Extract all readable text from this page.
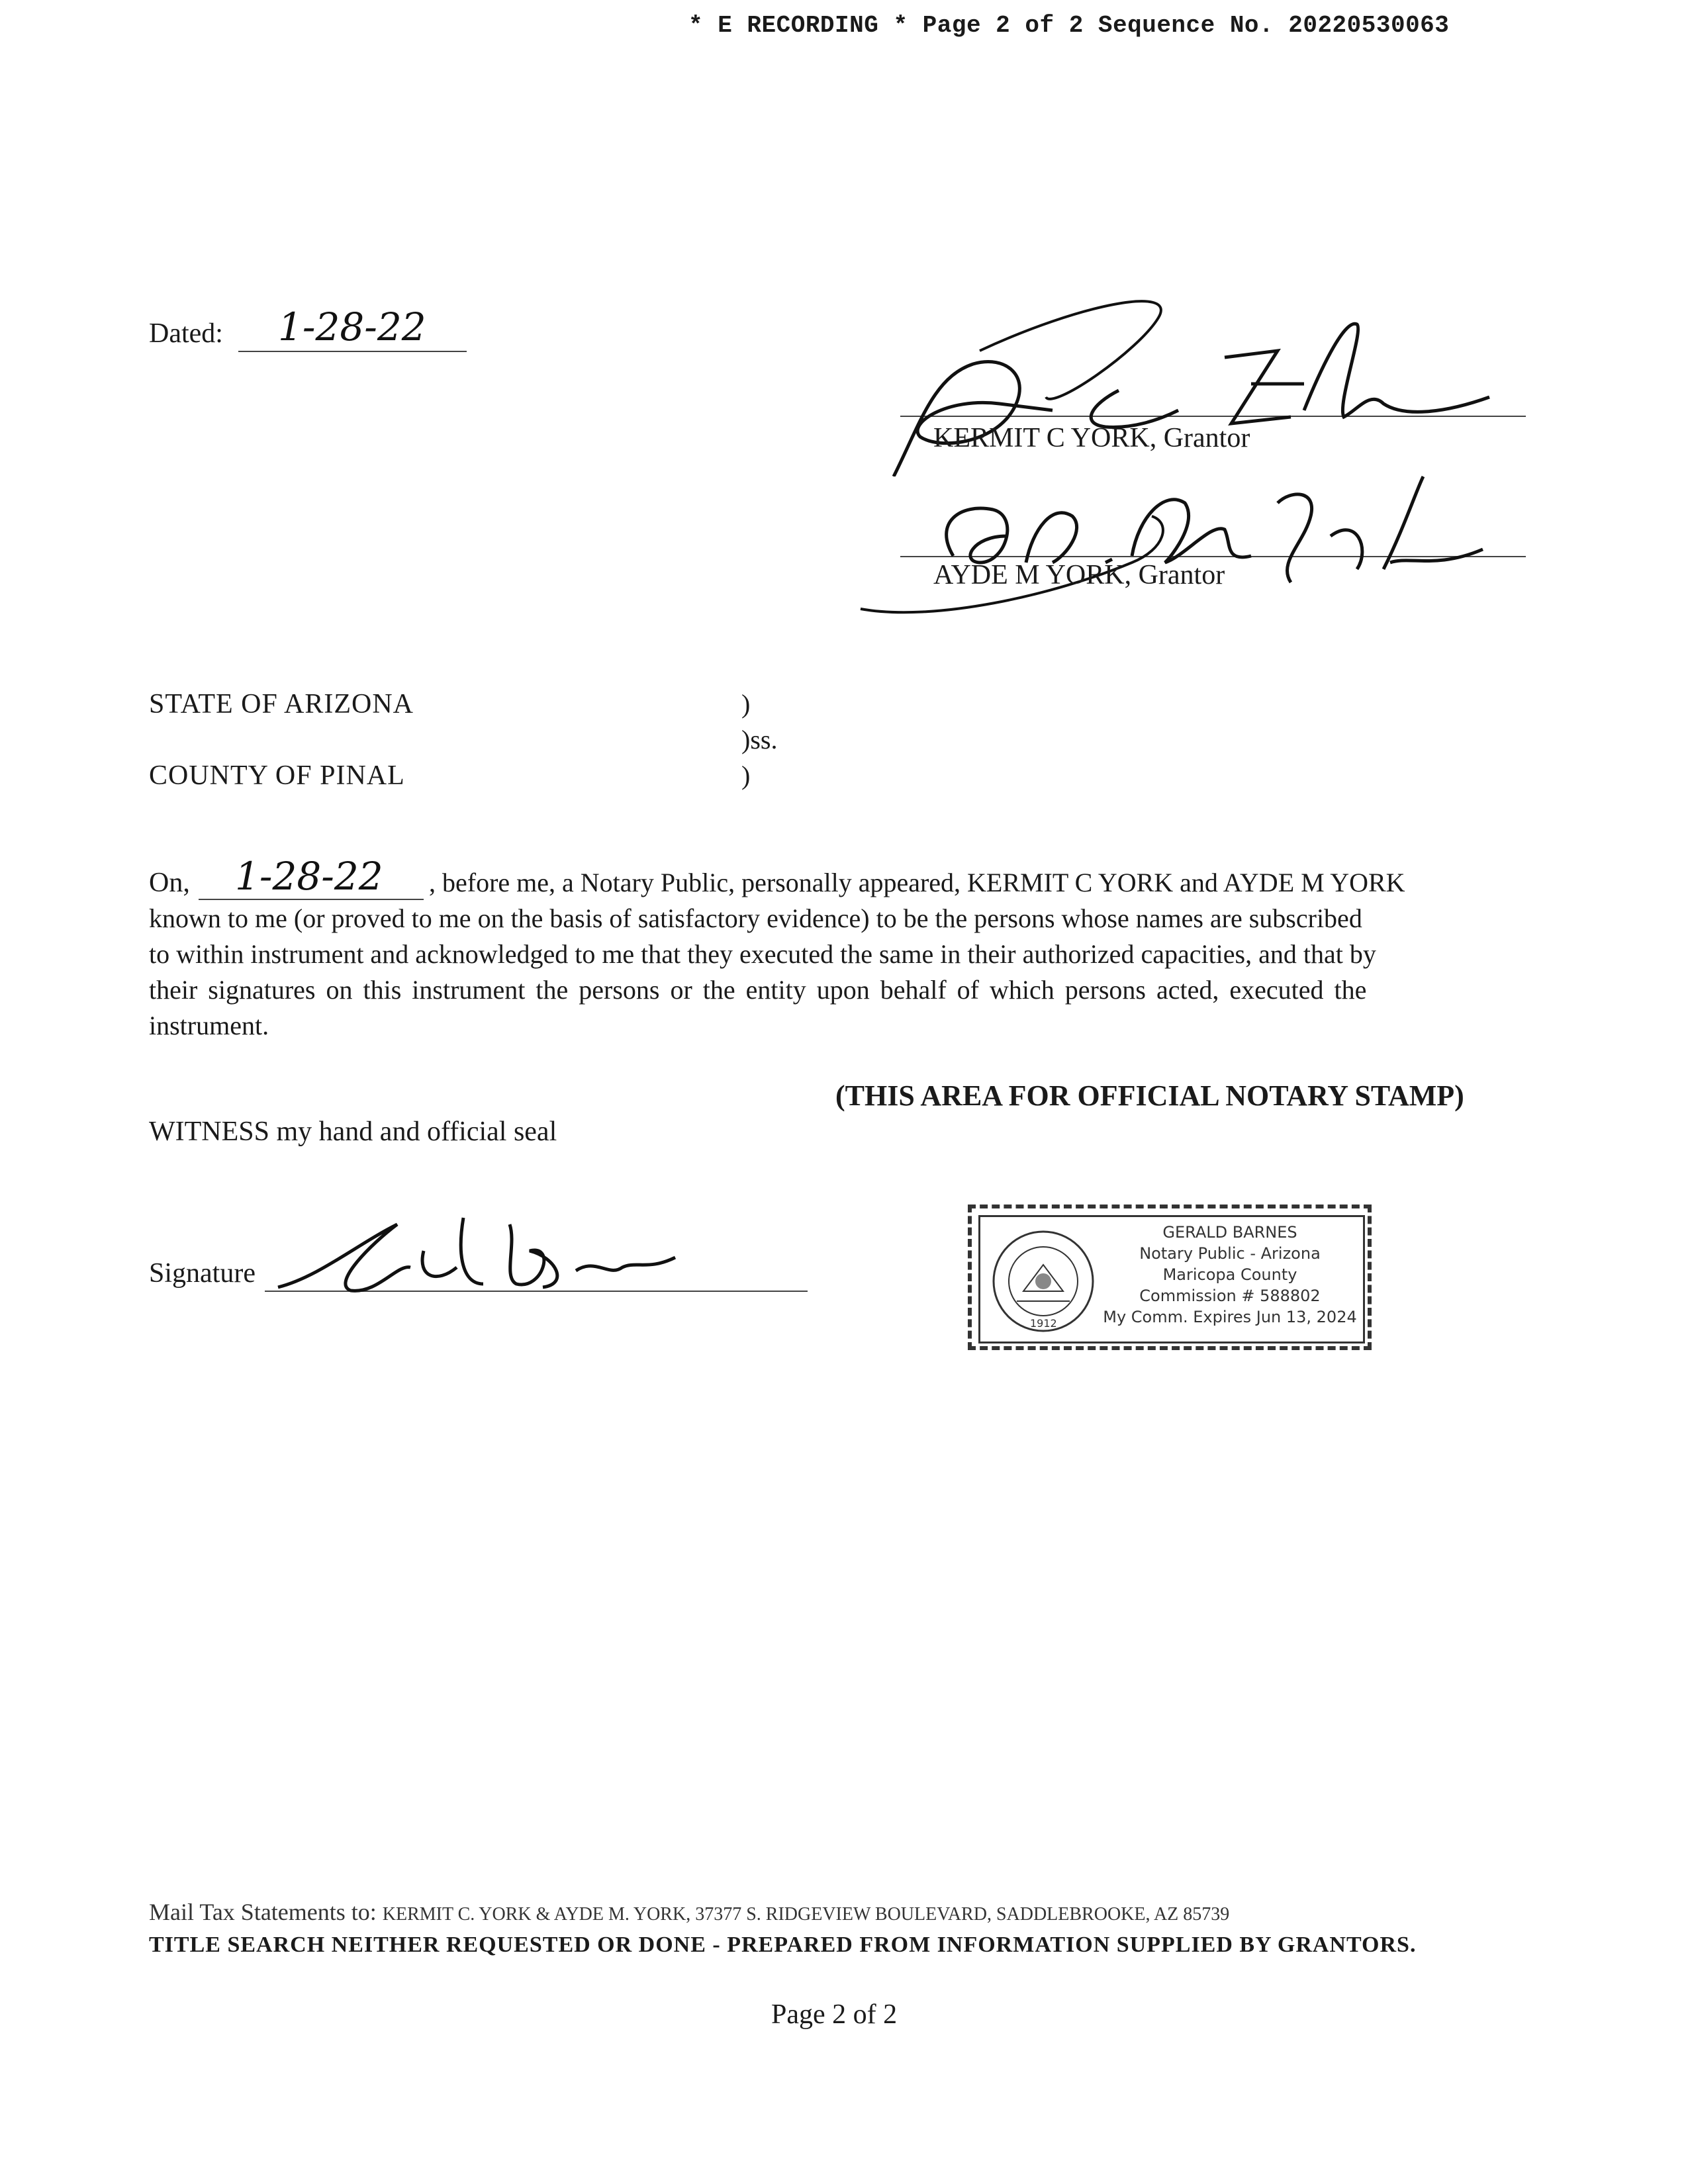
* E RECORDING * Page 2 of 2 Sequence No. 20220530063
Dated: 1-28-22
KERMIT C YORK, Grantor
AYDE M YORK, Grantor
STATE OF ARIZONA
COUNTY OF PINAL
)
)ss.
)
On, 1-28-22 , before me, a Notary Public, personally appeared, KERMIT C YORK and AYDE M YORK
known to me (or proved to me on the basis of satisfactory evidence) to be the persons whose names are subscribed
to within instrument and acknowledged to me that they executed the same in their authorized capacities, and that by
their signatures on this instrument the persons or the entity upon behalf of which persons acted, executed the
instrument.
(THIS AREA FOR OFFICIAL NOTARY STAMP)
WITNESS my hand and official seal
Signature
1912
GERALD BARNES
Notary Public - Arizona
Maricopa County
Commission # 588802
My Comm. Expires Jun 13, 2024
Mail Tax Statements to: KERMIT C. YORK & AYDE M. YORK, 37377 S. RIDGEVIEW BOULEVARD, SADDLEBROOKE, AZ 85739
TITLE SEARCH NEITHER REQUESTED OR DONE - PREPARED FROM INFORMATION SUPPLIED BY GRANTORS.
Page 2 of 2
